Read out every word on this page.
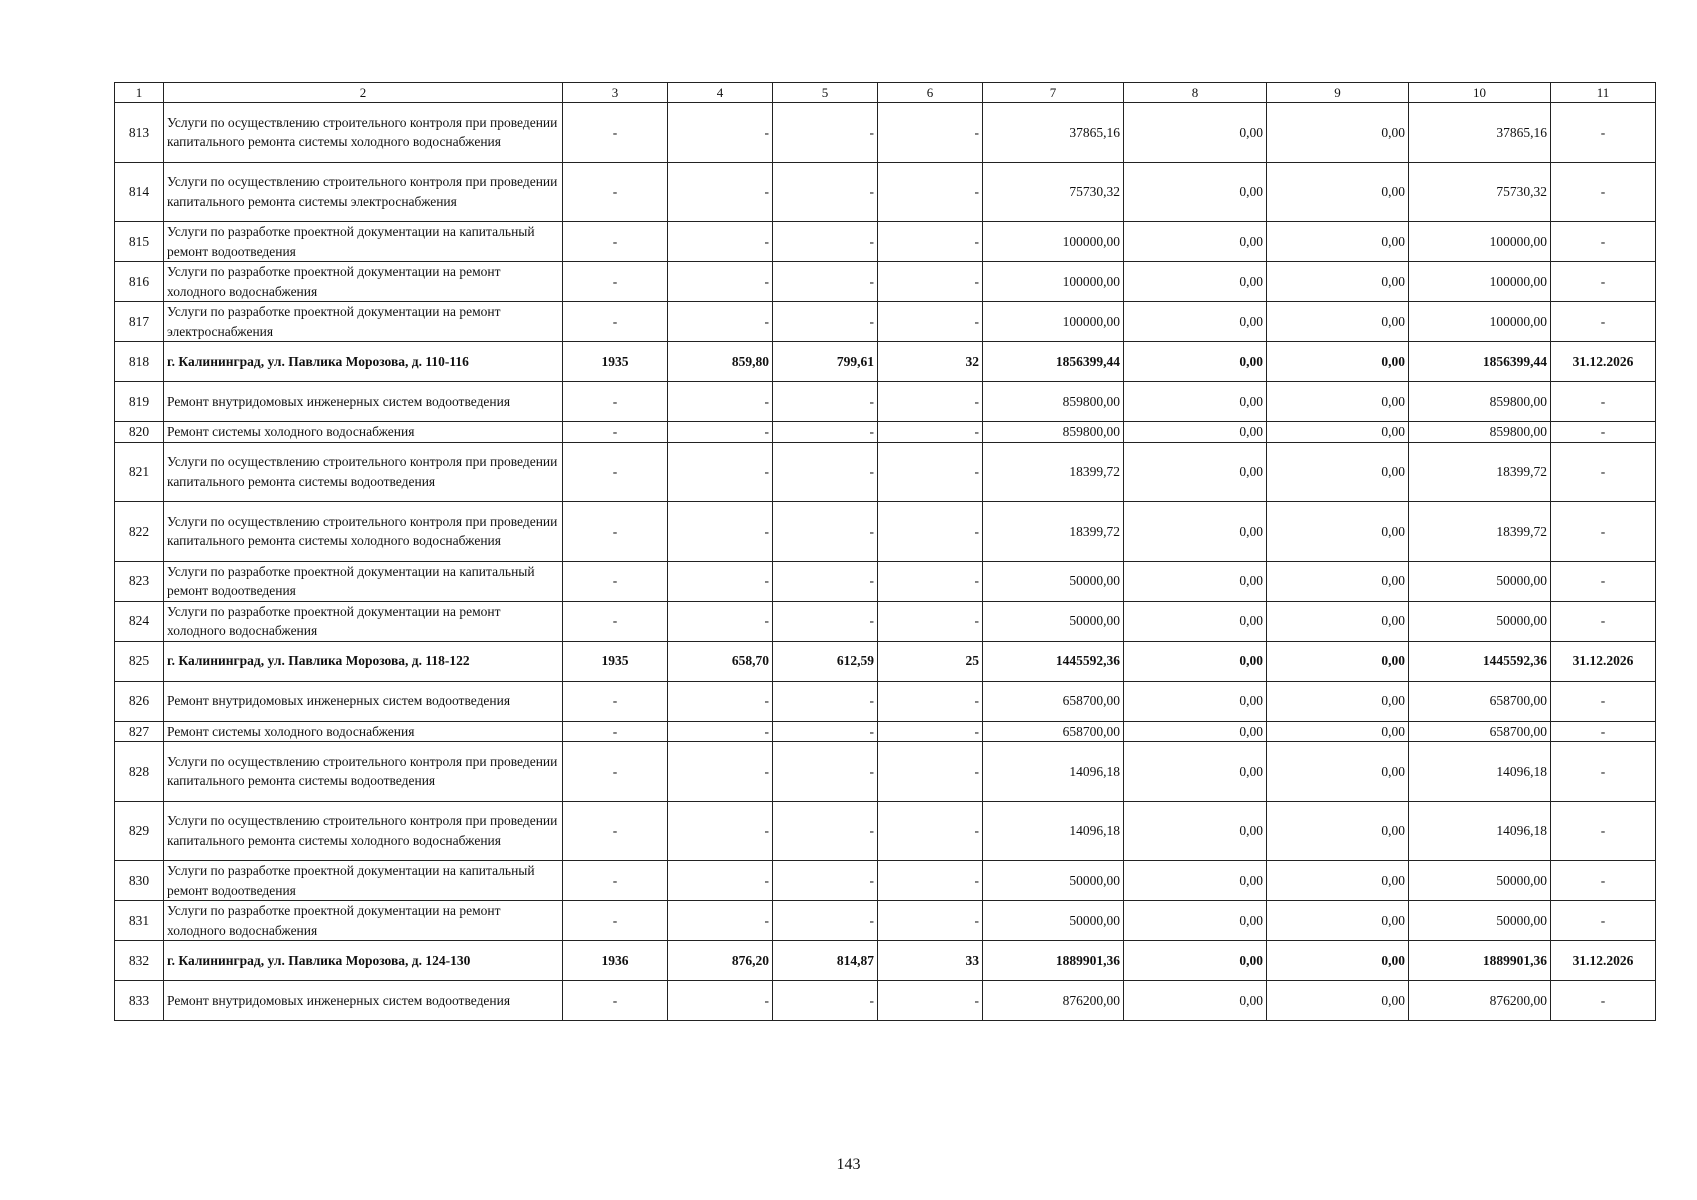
1	2	3	4	5	6	7	8	9	10	11
813	Услуги по осуществлению строительного контроля при проведении капитального ремонта системы холодного водоснабжения	-	-	-	-	37865,16	0,00	0,00	37865,16	-
814	Услуги по осуществлению строительного контроля при проведении капитального ремонта системы электроснабжения	-	-	-	-	75730,32	0,00	0,00	75730,32	-
815	Услуги по разработке проектной документации на капитальный ремонт водоотведения	-	-	-	-	100000,00	0,00	0,00	100000,00	-
816	Услуги по разработке проектной документации на ремонт холодного водоснабжения	-	-	-	-	100000,00	0,00	0,00	100000,00	-
817	Услуги по разработке проектной документации на ремонт электроснабжения	-	-	-	-	100000,00	0,00	0,00	100000,00	-
818	г. Калининград, ул. Павлика Морозова, д. 110-116	1935	859,80	799,61	32	1856399,44	0,00	0,00	1856399,44	31.12.2026
819	Ремонт внутридомовых инженерных систем водоотведения	-	-	-	-	859800,00	0,00	0,00	859800,00	-
820	Ремонт системы холодного водоснабжения	-	-	-	-	859800,00	0,00	0,00	859800,00	-
821	Услуги по осуществлению строительного контроля при проведении капитального ремонта системы водоотведения	-	-	-	-	18399,72	0,00	0,00	18399,72	-
822	Услуги по осуществлению строительного контроля при проведении капитального ремонта системы холодного водоснабжения	-	-	-	-	18399,72	0,00	0,00	18399,72	-
823	Услуги по разработке проектной документации на капитальный ремонт водоотведения	-	-	-	-	50000,00	0,00	0,00	50000,00	-
824	Услуги по разработке проектной документации на ремонт холодного водоснабжения	-	-	-	-	50000,00	0,00	0,00	50000,00	-
825	г. Калининград, ул. Павлика Морозова, д. 118-122	1935	658,70	612,59	25	1445592,36	0,00	0,00	1445592,36	31.12.2026
826	Ремонт внутридомовых инженерных систем водоотведения	-	-	-	-	658700,00	0,00	0,00	658700,00	-
827	Ремонт системы холодного водоснабжения	-	-	-	-	658700,00	0,00	0,00	658700,00	-
828	Услуги по осуществлению строительного контроля при проведении капитального ремонта системы водоотведения	-	-	-	-	14096,18	0,00	0,00	14096,18	-
829	Услуги по осуществлению строительного контроля при проведении капитального ремонта системы холодного водоснабжения	-	-	-	-	14096,18	0,00	0,00	14096,18	-
830	Услуги по разработке проектной документации на капитальный ремонт водоотведения	-	-	-	-	50000,00	0,00	0,00	50000,00	-
831	Услуги по разработке проектной документации на ремонт холодного водоснабжения	-	-	-	-	50000,00	0,00	0,00	50000,00	-
832	г. Калининград, ул. Павлика Морозова, д. 124-130	1936	876,20	814,87	33	1889901,36	0,00	0,00	1889901,36	31.12.2026
833	Ремонт внутридомовых инженерных систем водоотведения	-	-	-	-	876200,00	0,00	0,00	876200,00	-
143
